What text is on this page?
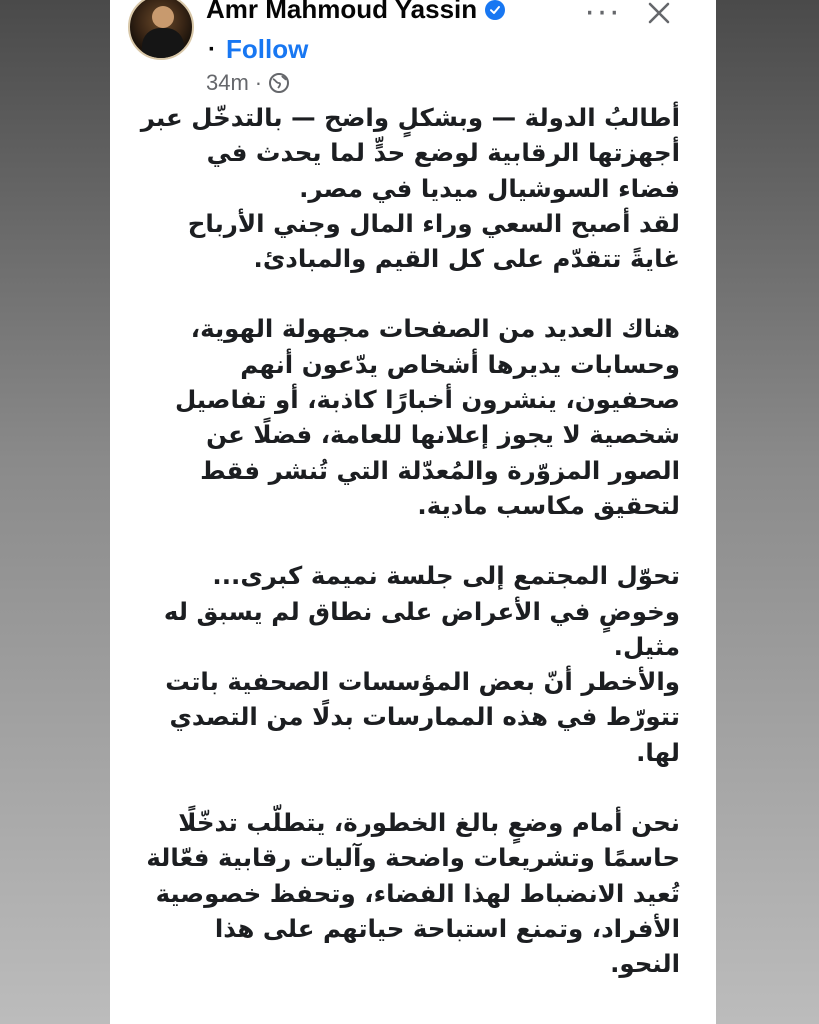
Amr Mahmoud Yassin	···
· Follow
34m ·

أطالبُ الدولة — وبشكلٍ واضح — بالتدخّل عبر أجهزتها الرقابية لوضع حدٍّ لما يحدث في فضاء السوشيال ميديا في مصر.

لقد أصبح السعي وراء المال وجني الأرباح غايةً تتقدّم على كل القيم والمبادئ.

هناك العديد من الصفحات مجهولة الهوية، وحسابات يديرها أشخاص يدّعون أنهم صحفيون، ينشرون أخبارًا كاذبة، أو تفاصيل شخصية لا يجوز إعلانها للعامة، فضلًا عن الصور المزوّرة والمُعدّلة التي تُنشر فقط لتحقيق مكاسب مادية.

تحوّل المجتمع إلى جلسة نميمة كبرى... وخوضٍ في الأعراض على نطاق لم يسبق له مثيل.

والأخطر أنّ بعض المؤسسات الصحفية باتت تتورّط في هذه الممارسات بدلًا من التصدي لها.

نحن أمام وضعٍ بالغ الخطورة، يتطلّب تدخّلًا حاسمًا وتشريعات واضحة وآليات رقابية فعّالة تُعيد الانضباط لهذا الفضاء، وتحفظ خصوصية الأفراد، وتمنع استباحة حياتهم على هذا النحو.
